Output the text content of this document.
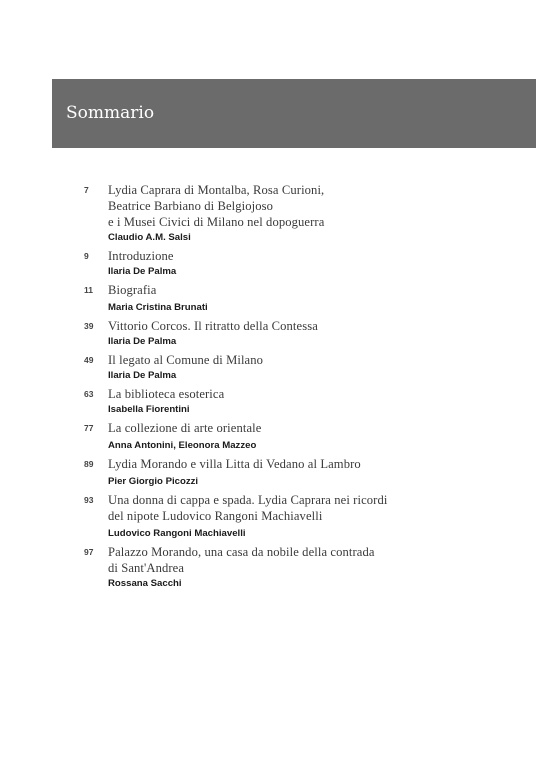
Sommario
7	Lydia Caprara di Montalba, Rosa Curioni,
Beatrice Barbiano di Belgiojoso
e i Musei Civici di Milano nel dopoguerra
Claudio A.M. Salsi
9	Introduzione
Ilaria De Palma
11	Biografia
Maria Cristina Brunati
39	Vittorio Corcos. Il ritratto della Contessa
Ilaria De Palma
49	Il legato al Comune di Milano
Ilaria De Palma
63	La biblioteca esoterica
Isabella Fiorentini
77	La collezione di arte orientale
Anna Antonini, Eleonora Mazzeo
89	Lydia Morando e villa Litta di Vedano al Lambro
Pier Giorgio Picozzi
93	Una donna di cappa e spada. Lydia Caprara nei ricordi
del nipote Ludovico Rangoni Machiavelli
Ludovico Rangoni Machiavelli
97	Palazzo Morando, una casa da nobile della contrada
di Sant'Andrea
Rossana Sacchi
